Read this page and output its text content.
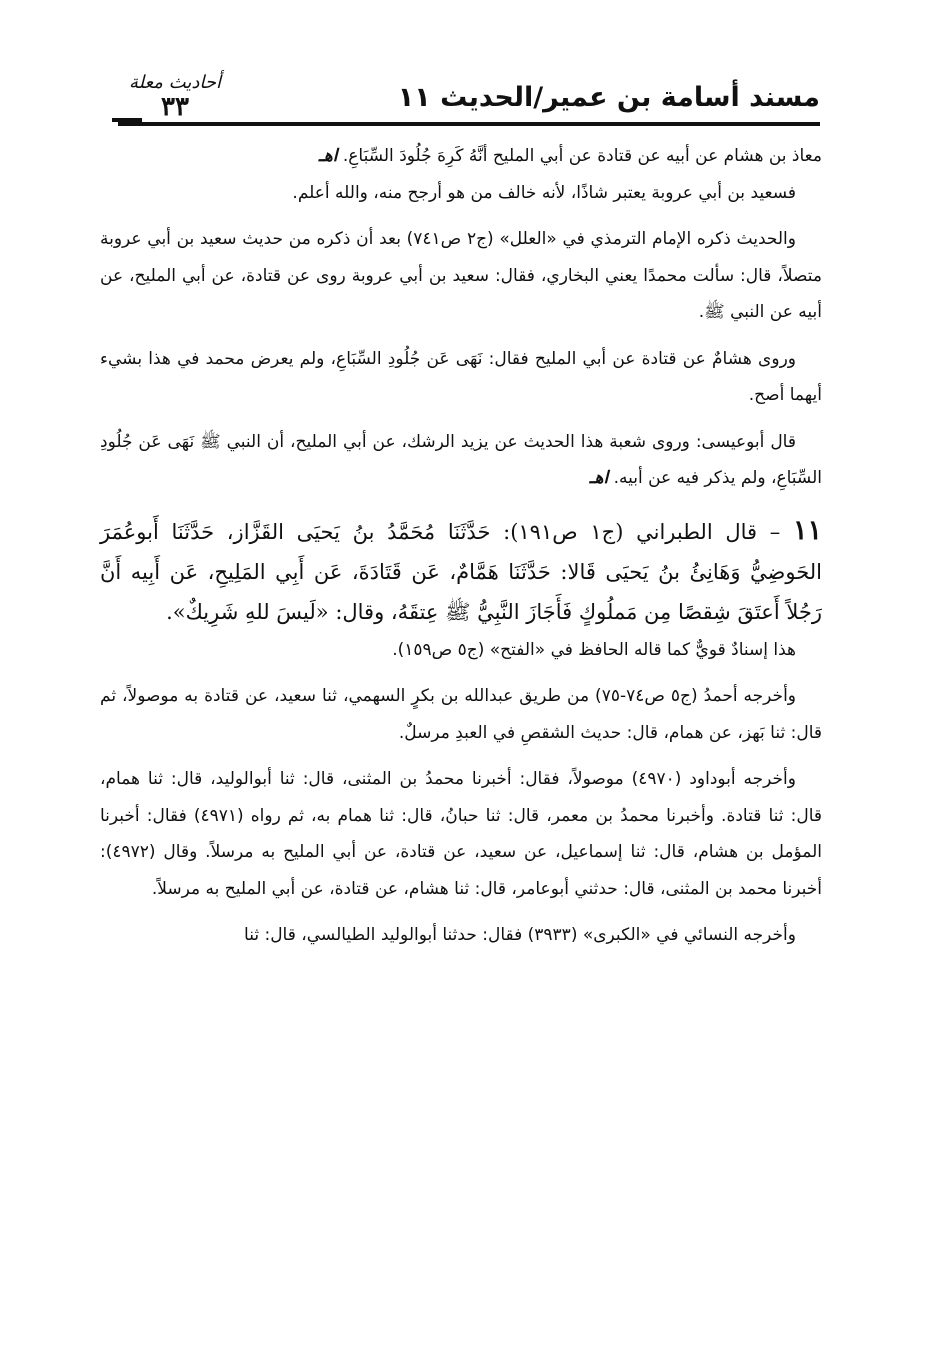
مسند أسامة بن عمير/الحديث ١١
أحاديث معلة
٣٣

معاذ بن هشام عن أبيه عن قتادة عن أبي المليح أنَّهُ كَرِهَ جُلُودَ السِّبَاعِ. اهـ

فسعيد بن أبي عروبة يعتبر شاذًا، لأنه خالف من هو أرجح منه، والله أعلم.

والحديث ذكره الإمام الترمذي في «العلل» (ج٢ ص٧٤١) بعد أن ذكره من حديث سعيد بن أبي عروبة متصلاً، قال: سألت محمدًا يعني البخاري، فقال: سعيد بن أبي عروبة روى عن قتادة، عن أبي المليح، عن أبيه عن النبي ﷺ.

وروى هشامٌ عن قتادة عن أبي المليح فقال: نَهَى عَن جُلُودِ السِّبَاعِ، ولم يعرض محمد في هذا بشيء أيهما أصح.

قال أبوعيسى: وروى شعبة هذا الحديث عن يزيد الرشك، عن أبي المليح، أن النبي ﷺ نَهَى عَن جُلُودِ السِّبَاعِ، ولم يذكر فيه عن أبيه. اهـ

١١ – قال الطبراني (ج١ ص١٩١): حَدَّثَنَا مُحَمَّدُ بنُ يَحيَى القَزَّاز، حَدَّثَنَا أَبوعُمَرَ الحَوضِيُّ وَهَانِئُ بنُ يَحيَى قَالا: حَدَّثَنَا هَمَّامٌ، عَن قَتَادَةَ، عَن أَبِي المَلِيحِ، عَن أَبِيه أَنَّ رَجُلاً أَعتَقَ شِقصًا مِن مَملُوكٍ فَأَجَازَ النَّبِيُّ ﷺ عِتقَهُ، وقال: «لَيسَ للهِ شَرِيكٌ».

هذا إسنادٌ قويٌّ كما قاله الحافظ في «الفتح» (ج٥ ص١٥٩).

وأخرجه أحمدُ (ج٥ ص٧٤-٧٥) من طريق عبدالله بن بكرٍ السهمي، ثنا سعيد، عن قتادة به موصولاً، ثم قال: ثنا بَهز، عن همام، قال: حديث الشقصِ في العبدِ مرسلٌ.

وأخرجه أبوداود (٤٩٧٠) موصولاً، فقال: أخبرنا محمدُ بن المثنى، قال: ثنا أبوالوليد، قال: ثنا همام، قال: ثنا قتادة. وأخبرنا محمدُ بن معمر، قال: ثنا حبانُ، قال: ثنا همام به، ثم رواه (٤٩٧١) فقال: أخبرنا المؤمل بن هشام، قال: ثنا إسماعيل، عن سعيد، عن قتادة، عن أبي المليح به مرسلاً. وقال (٤٩٧٢): أخبرنا محمد بن المثنى، قال: حدثني أبوعامر، قال: ثنا هشام، عن قتادة، عن أبي المليح به مرسلاً.

وأخرجه النسائي في «الكبرى» (٣٩٣٣) فقال: حدثنا أبوالوليد الطيالسي، قال: ثنا
